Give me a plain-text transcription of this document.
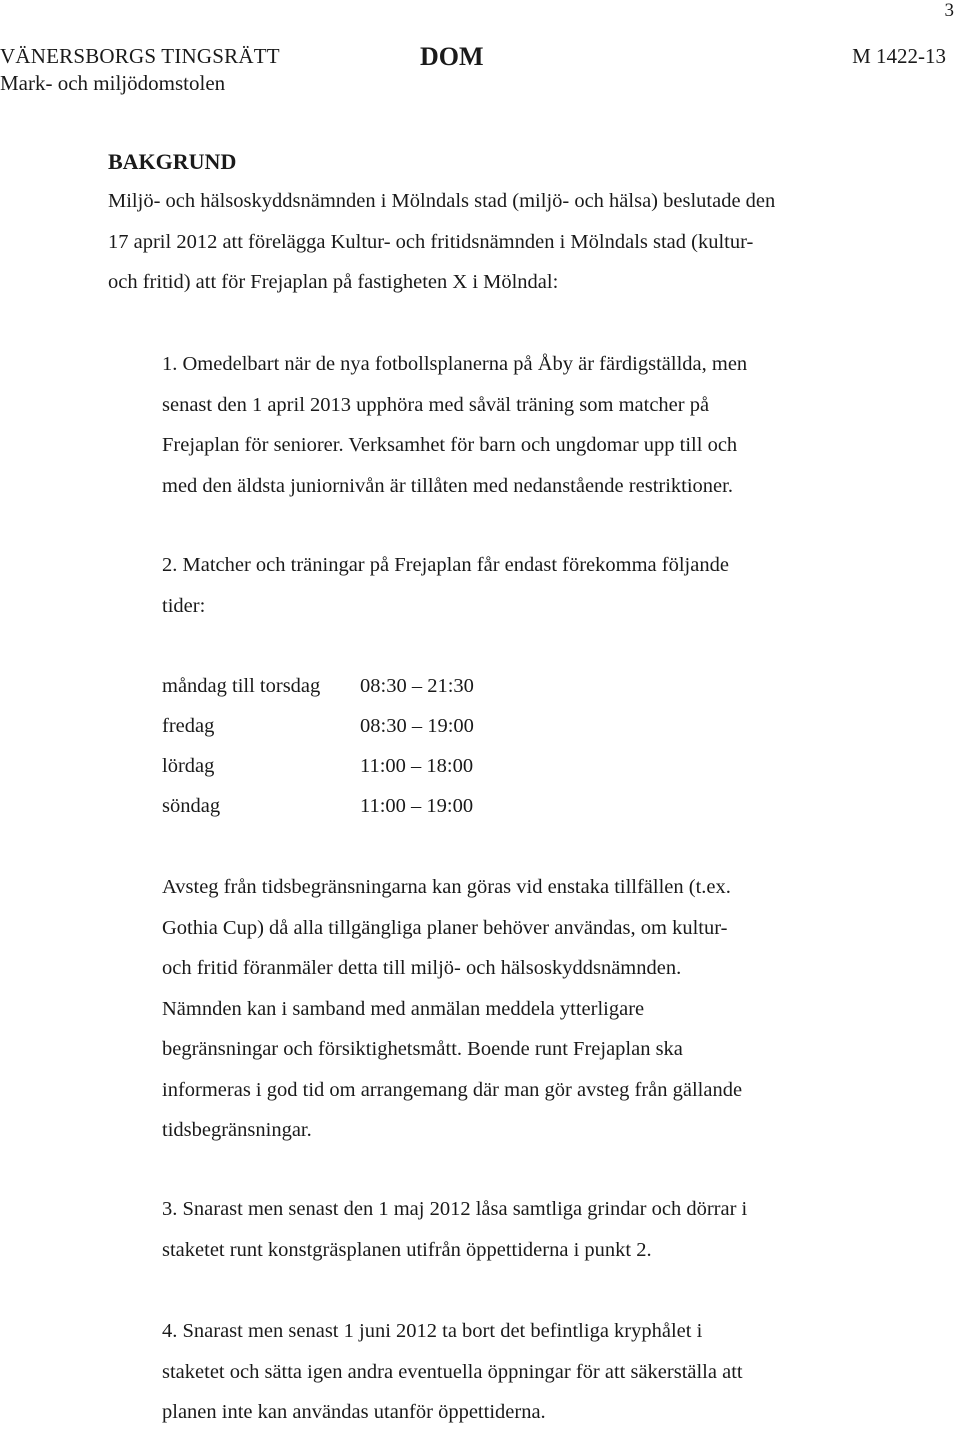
3
VÄNERSBORGS TINGSRÄTT
Mark- och miljödomstolen
DOM	M 1422-13
BAKGRUND
Miljö- och hälsoskyddsnämnden i Mölndals stad (miljö- och hälsa) beslutade den
17 april 2012 att förelägga Kultur- och fritidsnämnden i Mölndals stad (kultur-
och fritid) att för Frejaplan på fastigheten X i Mölndal:
1. Omedelbart när de nya fotbollsplanerna på Åby är färdigställda, men
senast den 1 april 2013 upphöra med såväl träning som matcher på
Frejaplan för seniorer. Verksamhet för barn och ungdomar upp till och
med den äldsta juniornivån är tillåten med nedanstående restriktioner.
2. Matcher och träningar på Frejaplan får endast förekomma följande
tider:
måndag till torsdag	08:30 – 21:30
fredag	08:30 – 19:00
lördag	11:00 – 18:00
söndag	11:00 – 19:00
Avsteg från tidsbegränsningarna kan göras vid enstaka tillfällen (t.ex.
Gothia Cup) då alla tillgängliga planer behöver användas, om kultur-
och fritid föranmäler detta till miljö- och hälsoskyddsnämnden.
Nämnden kan i samband med anmälan meddela ytterligare
begränsningar och försiktighetsmått. Boende runt Frejaplan ska
informeras i god tid om arrangemang där man gör avsteg från gällande
tidsbegränsningar.
3. Snarast men senast den 1 maj 2012 låsa samtliga grindar och dörrar i
staketet runt konstgräsplanen utifrån öppettiderna i punkt 2.
4. Snarast men senast 1 juni 2012 ta bort det befintliga kryphålet i
staketet och sätta igen andra eventuella öppningar för att säkerställa att
planen inte kan användas utanför öppettiderna.
